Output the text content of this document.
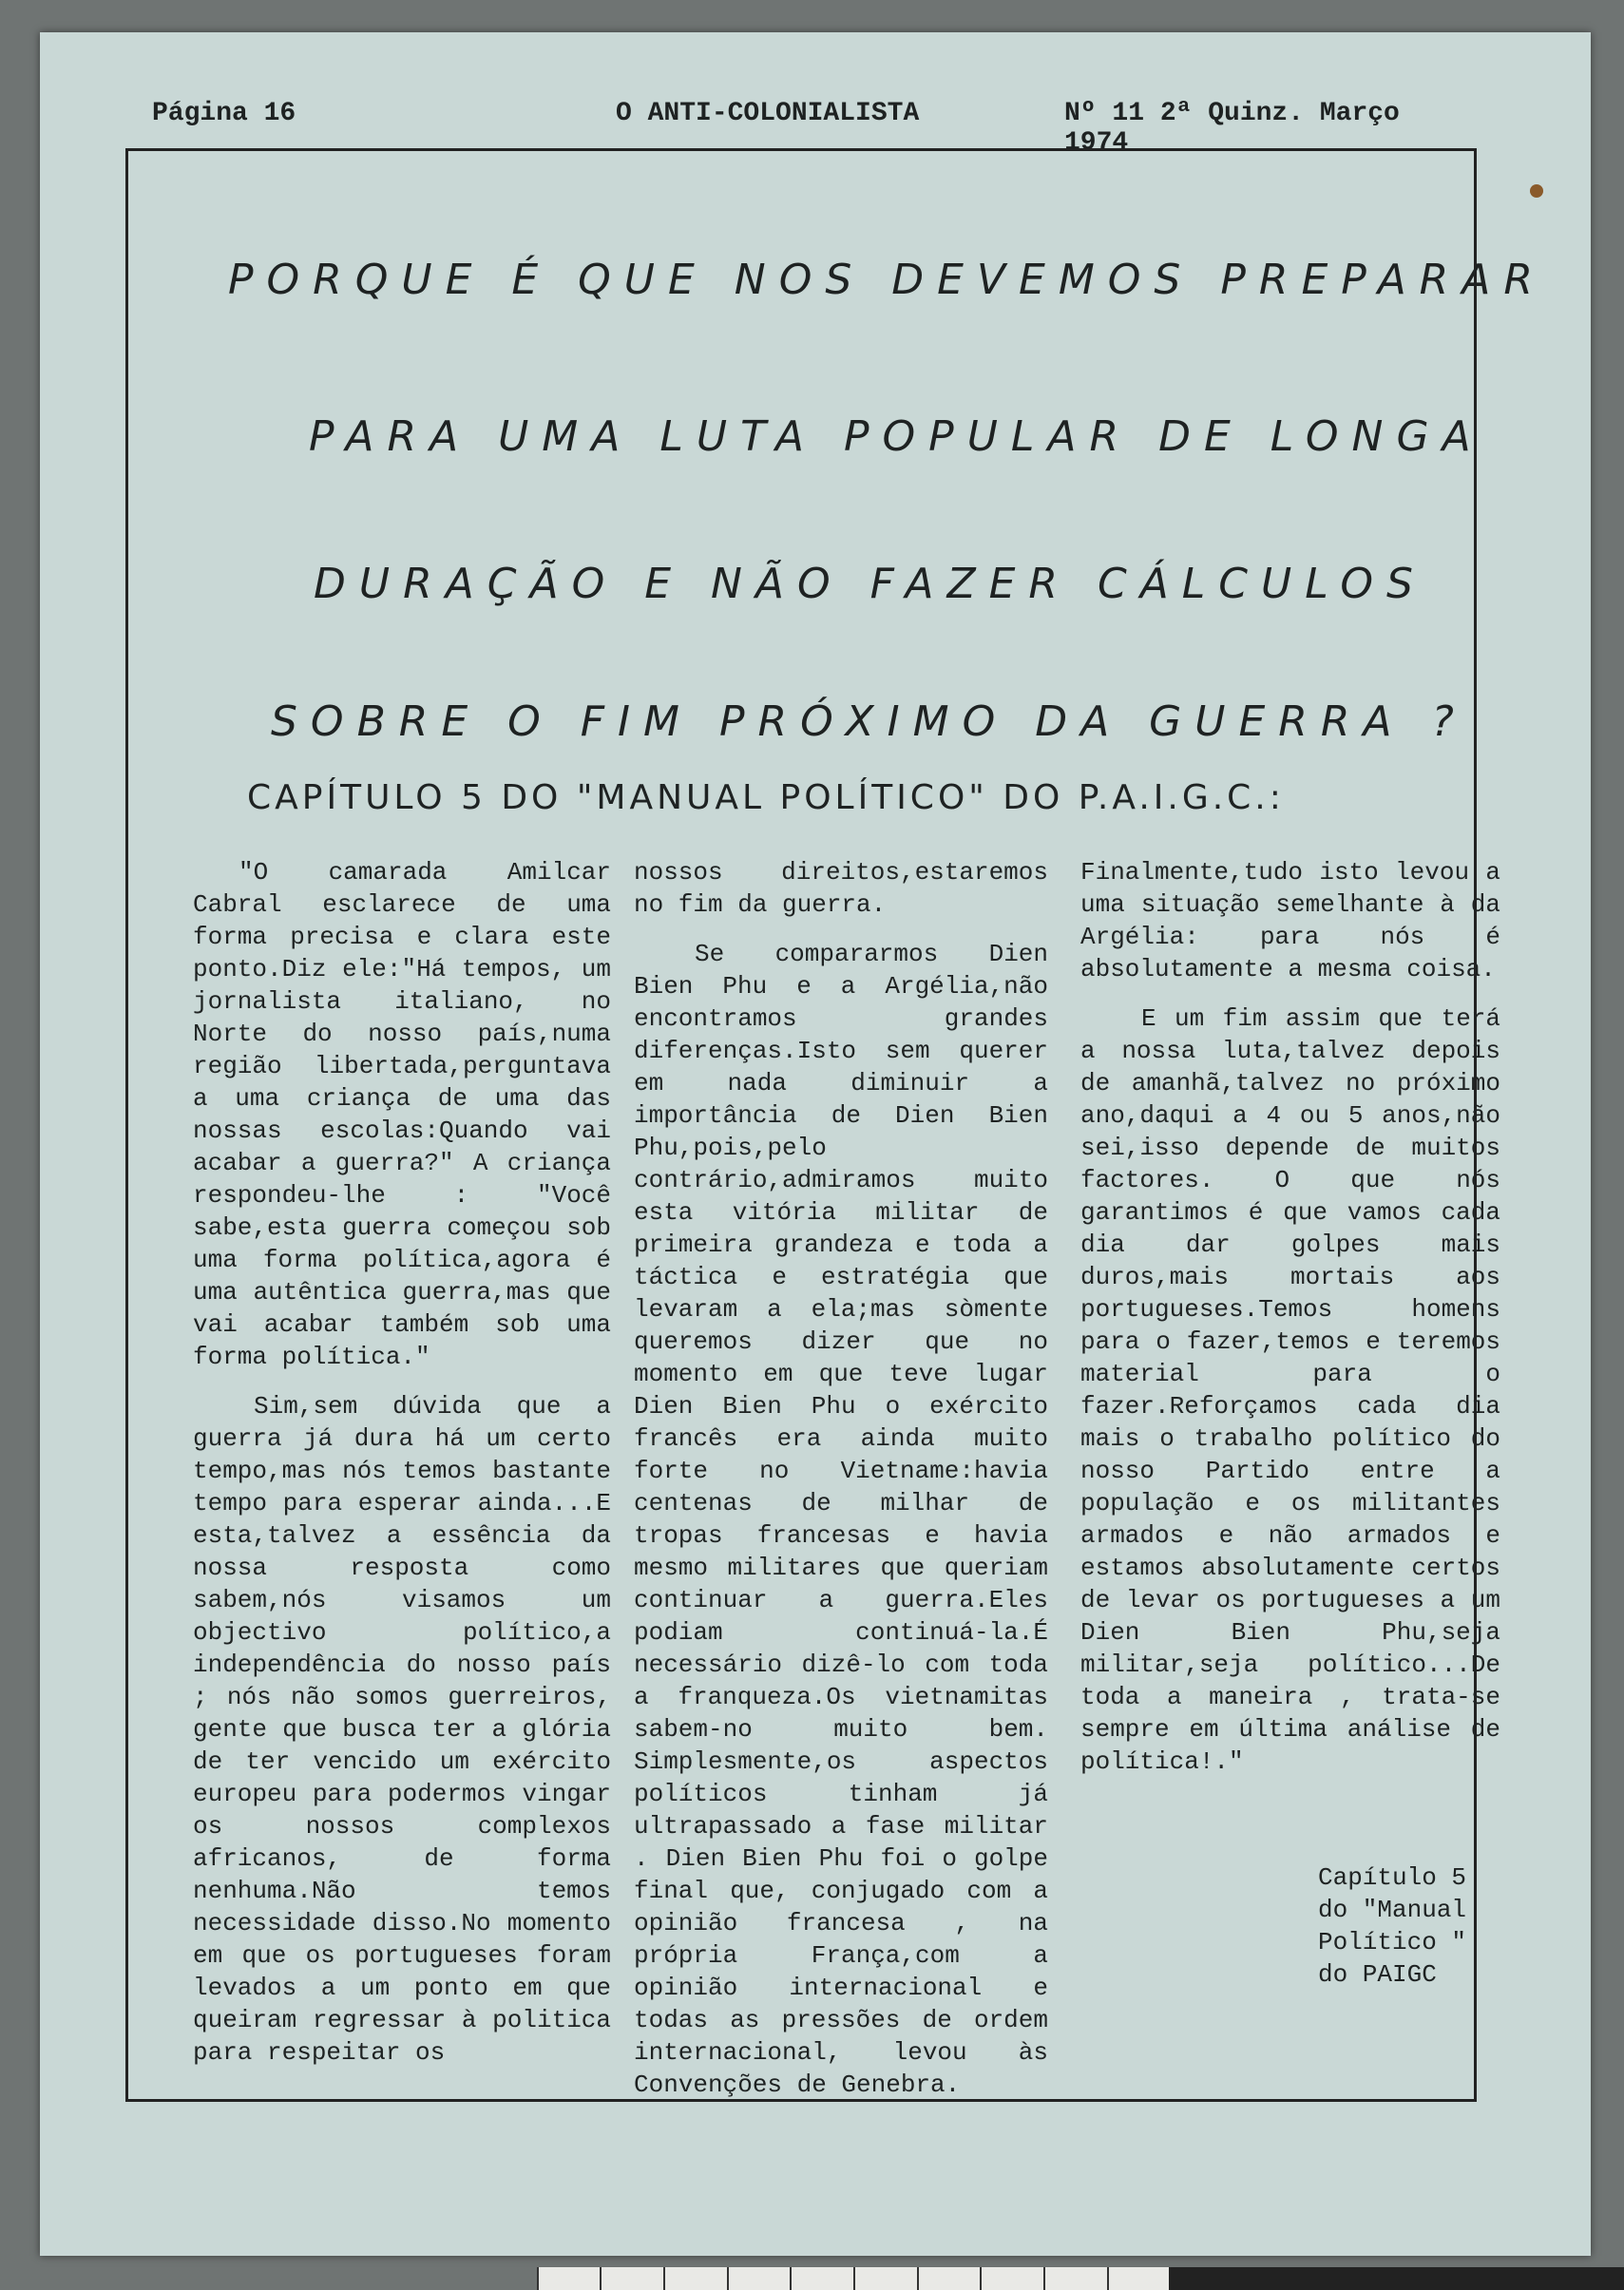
Página 16	O ANTI-COLONIALISTA	Nº 11 2ª Quinz. Março 1974
PORQUE É QUE NOS DEVEMOS PREPARAR
PARA UMA LUTA POPULAR DE LONGA
DURAÇÃO E NÃO FAZER CÁLCULOS
SOBRE O FIM PRÓXIMO DA GUERRA ?
CAPÍTULO 5 DO "MANUAL POLÍTICO" DO P.A.I.G.C.:

"O camarada Amilcar Cabral esclarece de uma forma precisa e clara este ponto.Diz ele:"Há tempos, um jornalista italiano, no Norte do nosso país,numa região libertada,perguntava a uma criança de uma das nossas escolas:Quando vai acabar a guerra?" A criança respondeu-lhe : "Você sabe,esta guerra começou sob uma forma política,agora é uma autêntica guerra,mas que vai acabar também sob uma forma política."

Sim,sem dúvida que a guerra já dura há um certo tempo,mas nós temos bastante tempo para esperar ainda...E esta,talvez a essência da nossa resposta como sabem,nós visamos um objectivo político,a independência do nosso país ; nós não somos guerreiros, gente que busca ter a glória de ter vencido um exército europeu para podermos vingar os nossos complexos africanos, de forma nenhuma.Não temos necessidade disso.No momento em que os portugueses foram levados a um ponto em que queiram regressar à politica para respeitar os

nossos direitos,estaremos no fim da guerra.

Se compararmos Dien Bien Phu e a Argélia,não encontramos grandes diferenças.Isto sem querer em nada diminuir a importância de Dien Bien Phu,pois,pelo contrário,admiramos muito esta vitória militar de primeira grandeza e toda a táctica e estratégia que levaram a ela;mas sòmente queremos dizer que no momento em que teve lugar Dien Bien Phu o exército francês era ainda muito forte no Vietname:havia centenas de milhar de tropas francesas e havia mesmo militares que queriam continuar a guerra.Eles podiam continuá-la.É necessário dizê-lo com toda a franqueza.Os vietnamitas sabem-no muito bem. Simplesmente,os aspectos políticos tinham já ultrapassado a fase militar . Dien Bien Phu foi o golpe final que, conjugado com a opinião francesa , na própria França,com a opinião internacional e todas as pressões de ordem internacional, levou às Convenções de Genebra.

Finalmente,tudo isto levou a uma situação semelhante à da Argélia: para nós é absolutamente a mesma coisa.

E um fim assim que terá a nossa luta,talvez depois de amanhã,talvez no próximo ano,daqui a 4 ou 5 anos,não sei,isso depende de muitos factores. O que nós garantimos é que vamos cada dia dar golpes mais duros,mais mortais aos portugueses.Temos homens para o fazer,temos e teremos material para o fazer.Reforçamos cada dia mais o trabalho político do nosso Partido entre a população e os militantes armados e não armados e estamos absolutamente certos de levar os portugueses a um Dien Bien Phu,seja militar,seja político...De toda a maneira , trata-se sempre em última análise de política!."

Capítulo 5
do "Manual
Político "
do PAIGC
